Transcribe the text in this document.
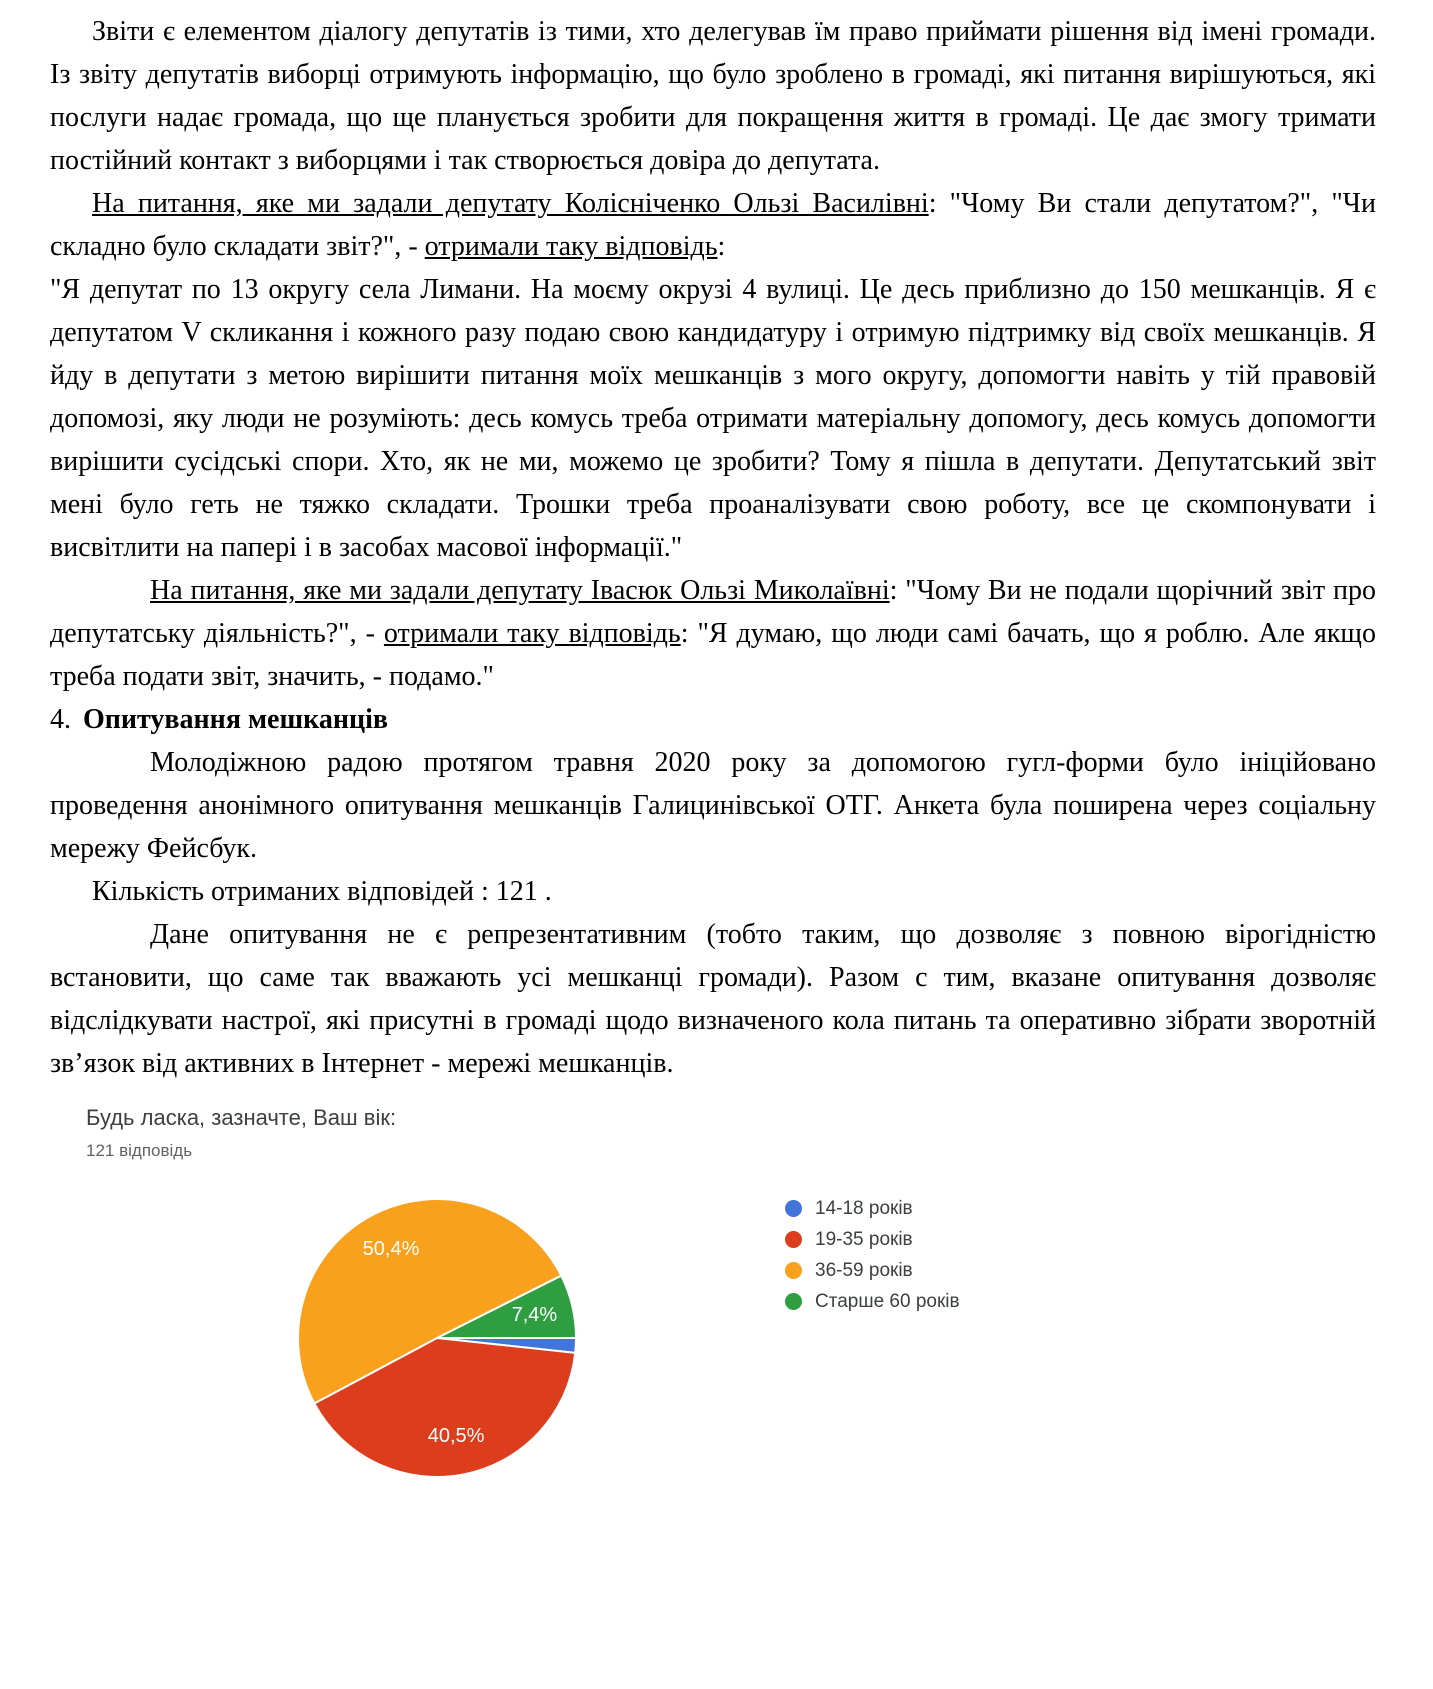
Звіти є елементом діалогу депутатів із тими, хто делегував їм право приймати рішення від імені громади. Із звіту депутатів виборці отримують інформацію, що було зроблено в громаді, які питання вирішуються, які послуги надає громада, що ще планується зробити для покращення життя в громаді. Це дає змогу тримати постійний контакт з виборцями і так створюється довіра до депутата.

На питання, яке ми задали депутату Колісніченко Ользі Василівні: "Чому Ви стали депутатом?", "Чи складно було складати звіт?", - отримали таку відповідь:

"Я депутат по 13 округу села Лимани. На моєму окрузі 4 вулиці. Це десь приблизно до 150 мешканців. Я є депутатом V скликання і кожного разу подаю свою кандидатуру і отримую підтримку від своїх мешканців. Я йду в депутати з метою вирішити питання моїх мешканців з мого округу, допомогти навіть у тій правовій допомозі, яку люди не розуміють: десь комусь треба отримати матеріальну допомогу, десь комусь допомогти вирішити сусідські спори. Хто, як не ми, можемо це зробити? Тому я пішла в депутати. Депутатський звіт мені було геть не тяжко складати. Трошки треба проаналізувати свою роботу, все це скомпонувати і висвітлити на папері і в засобах масової інформації."

На питання, яке ми задали депутату Івасюк Ользі Миколаївні: "Чому Ви не подали щорічний звіт про депутатську діяльність?", - отримали таку відповідь: "Я думаю, що люди самі бачать, що я роблю. Але якщо треба подати звіт, значить, - подамо."

4. Опитування мешканців

Молодіжною радою протягом травня 2020 року за допомогою гугл-форми було ініційовано проведення анонімного опитування мешканців Галицинівської ОТГ. Анкета була поширена через соціальну мережу Фейсбук.

Кількість отриманих відповідей : 121 .

Дане опитування не є репрезентативним (тобто таким, що дозволяє з повною вірогідністю встановити, що саме так вважають усі мешканці громади). Разом с тим, вказане опитування дозволяє відслідкувати настрої, які присутні в громаді щодо визначеного кола питань та оперативно зібрати зворотній зв’язок від активних в Інтернет - мережі мешканців.

Будь ласка, зазначте, Ваш вік:
121 відповідь
40,5%
50,4%
7,4%
14-18 років
19-35 років
36-59 років
Старше 60 років
